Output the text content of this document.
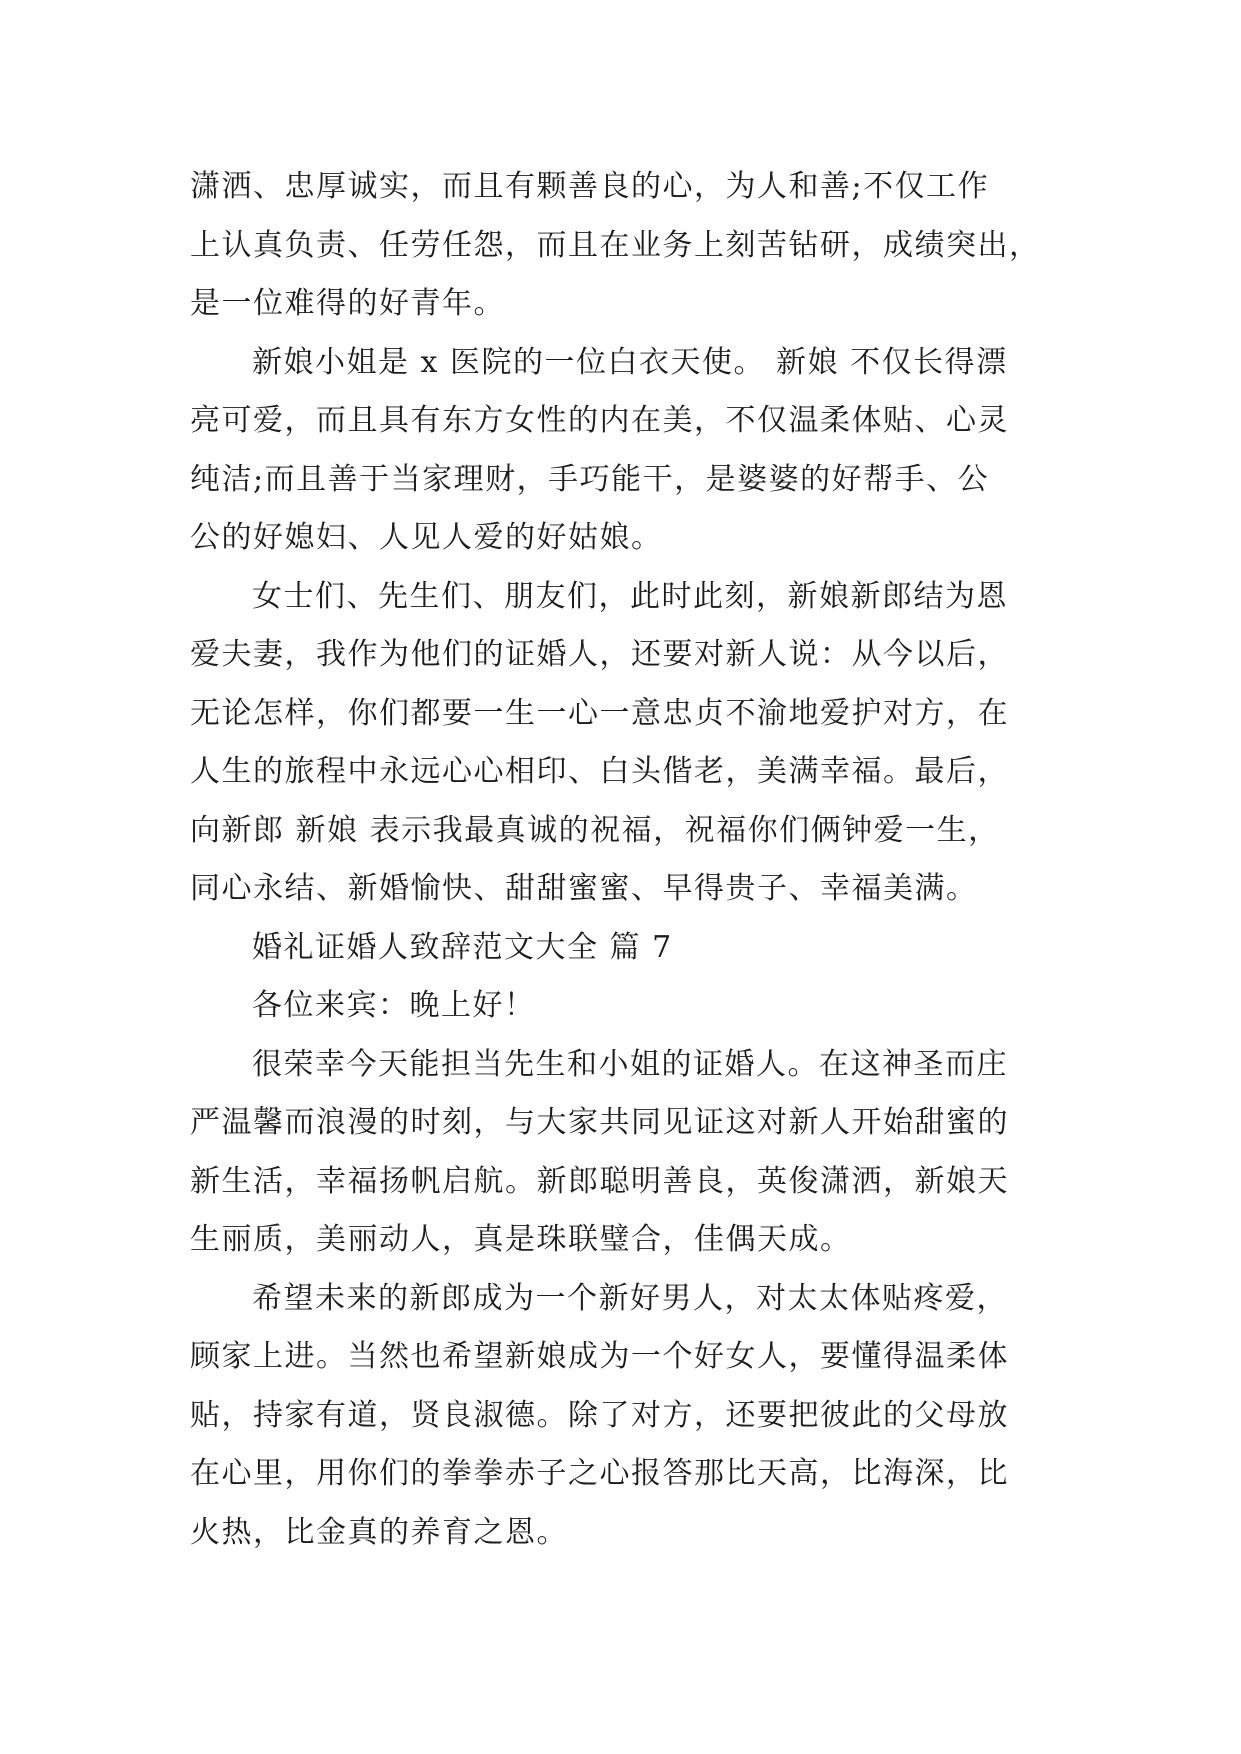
潇洒、忠厚诚实，而且有颗善良的心，为人和善;不仅工作
上认真负责、任劳任怨，而且在业务上刻苦钻研，成绩突出，
是一位难得的好青年。
新娘小姐是 x 医院的一位白衣天使。 新娘 不仅长得漂
亮可爱，而且具有东方女性的内在美，不仅温柔体贴、心灵
纯洁;而且善于当家理财，手巧能干，是婆婆的好帮手、公
公的好媳妇、人见人爱的好姑娘。
女士们、先生们、朋友们，此时此刻，新娘新郎结为恩
爱夫妻，我作为他们的证婚人，还要对新人说：从今以后，
无论怎样，你们都要一生一心一意忠贞不渝地爱护对方，在
人生的旅程中永远心心相印、白头偕老，美满幸福。最后，
向新郎 新娘 表示我最真诚的祝福，祝福你们俩钟爱一生，
同心永结、新婚愉快、甜甜蜜蜜、早得贵子、幸福美满。
婚礼证婚人致辞范文大全 篇 7
各位来宾：晚上好！
很荣幸今天能担当先生和小姐的证婚人。在这神圣而庄
严温馨而浪漫的时刻，与大家共同见证这对新人开始甜蜜的
新生活，幸福扬帆启航。新郎聪明善良，英俊潇洒，新娘天
生丽质，美丽动人，真是珠联璧合，佳偶天成。
希望未来的新郎成为一个新好男人，对太太体贴疼爱，
顾家上进。当然也希望新娘成为一个好女人，要懂得温柔体
贴，持家有道，贤良淑德。除了对方，还要把彼此的父母放
在心里，用你们的拳拳赤子之心报答那比天高，比海深，比
火热，比金真的养育之恩。
